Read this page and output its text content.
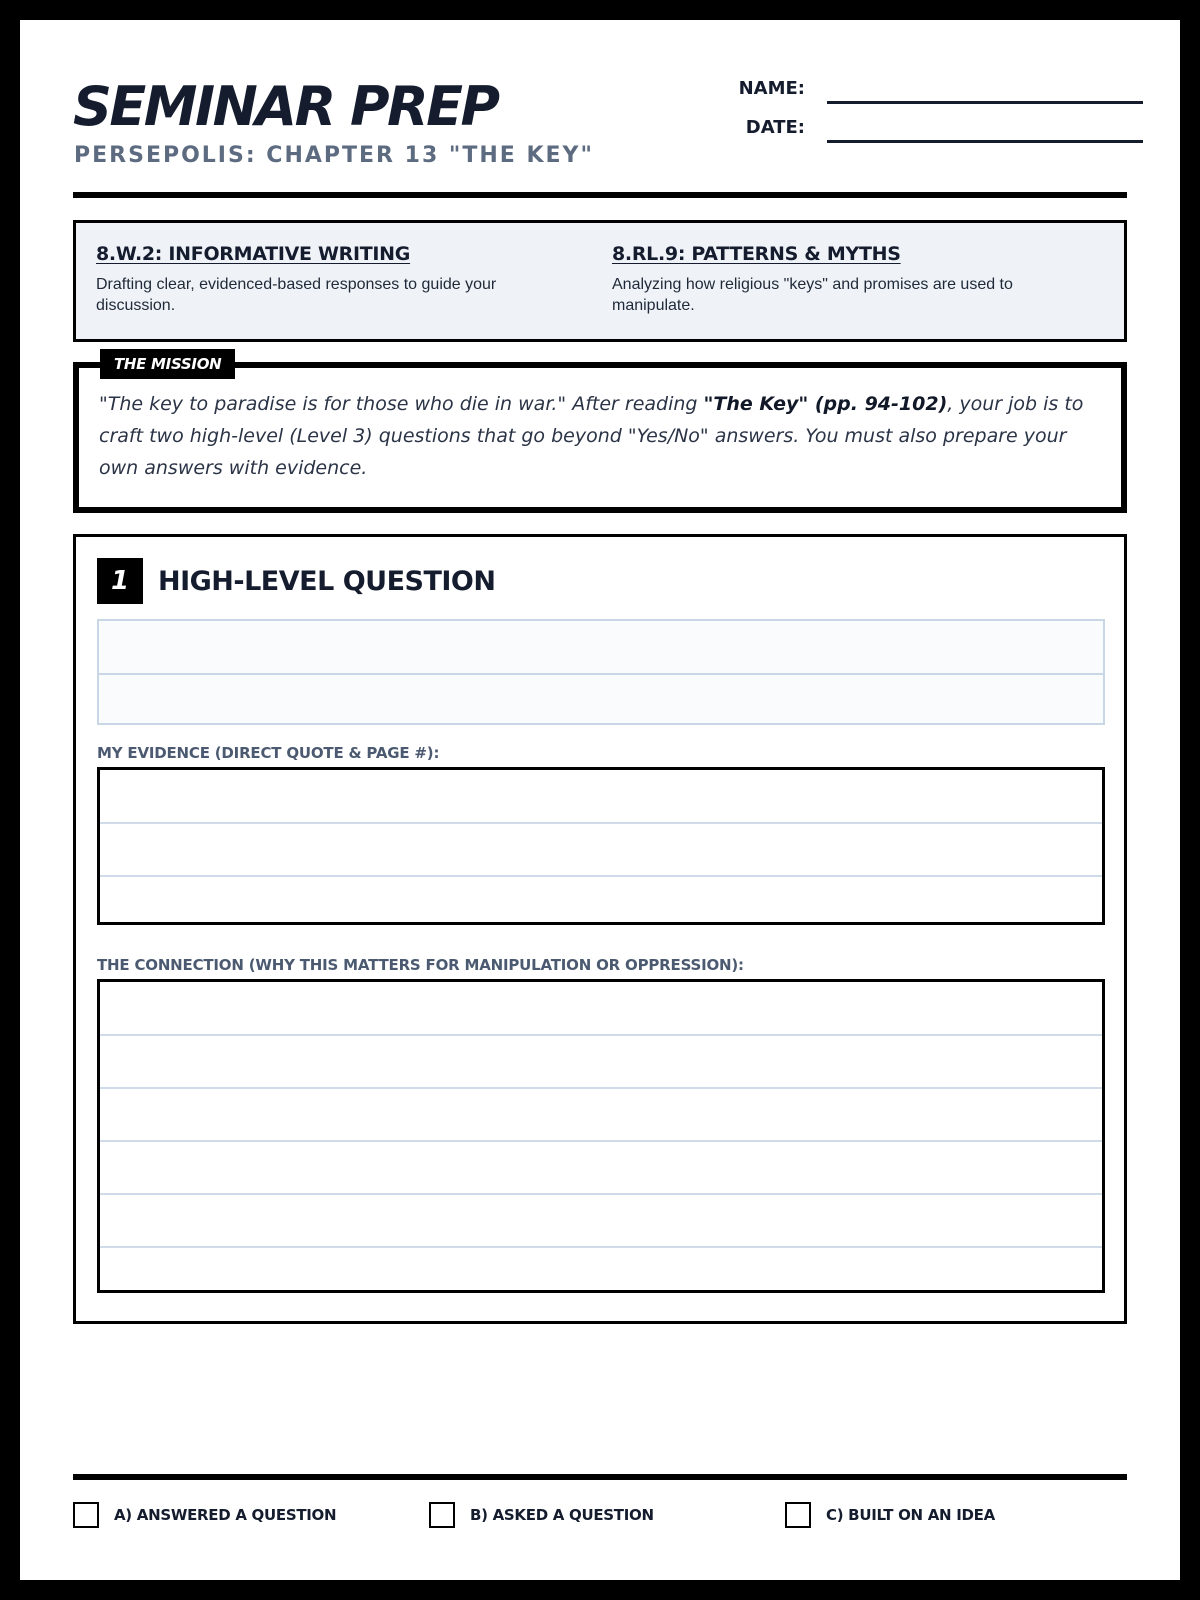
SEMINAR PREP
PERSEPOLIS: CHAPTER 13 "THE KEY"
NAME:
DATE:
8.W.2: INFORMATIVE WRITING
Drafting clear, evidenced-based responses to guide your discussion.
8.RL.9: PATTERNS & MYTHS
Analyzing how religious "keys" and promises are used to manipulate.
THE MISSION
"The key to paradise is for those who die in war." After reading "The Key" (pp. 94-102), your job is to craft two high-level (Level 3) questions that go beyond "Yes/No" answers. You must also prepare your own answers with evidence.
1	HIGH-LEVEL QUESTION
MY EVIDENCE (DIRECT QUOTE & PAGE #):
THE CONNECTION (WHY THIS MATTERS FOR MANIPULATION OR OPPRESSION):
A) ANSWERED A QUESTION	B) ASKED A QUESTION	C) BUILT ON AN IDEA
